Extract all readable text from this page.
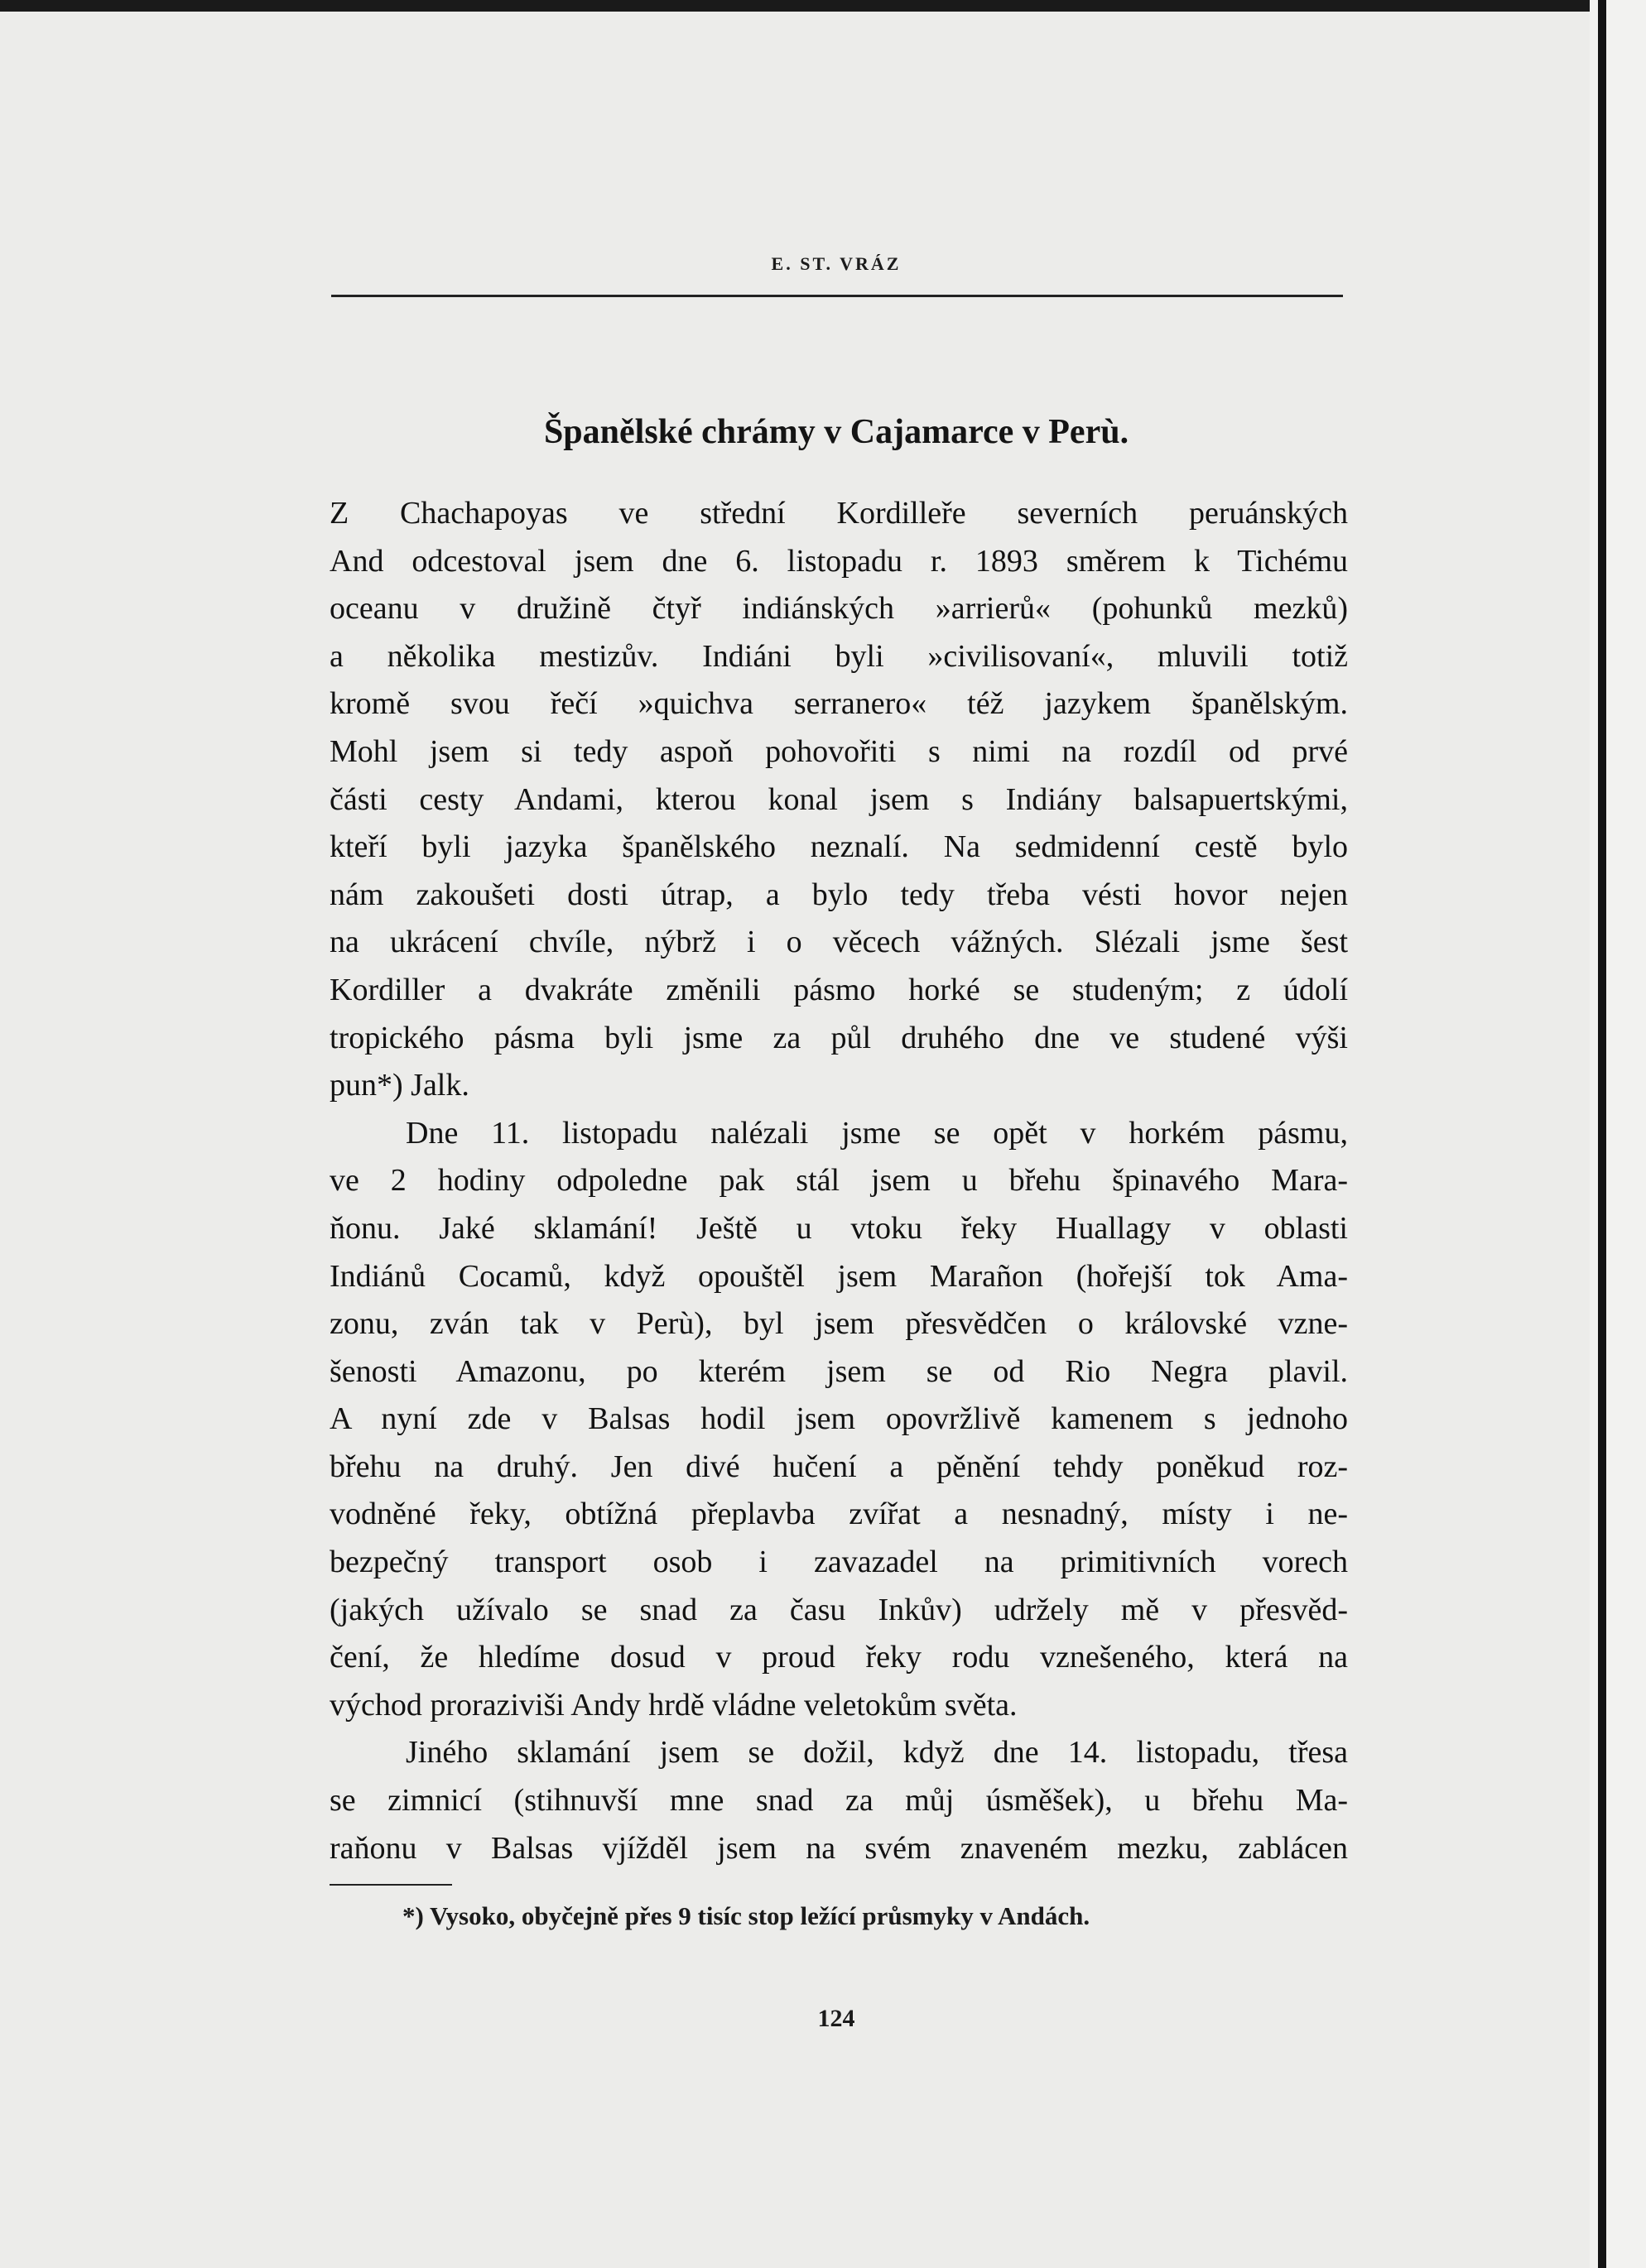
E. ST. VRÁZ
Španělské chrámy v Cajamarce v Perù.
Z Chachapoyas ve střední Kordilleře severních peruánských
And odcestoval jsem dne 6. listopadu r. 1893 směrem k Tichému
oceanu v družině čtyř indiánských »arrierů« (pohunků mezků)
a několika mestizův. Indiáni byli »civilisovaní«, mluvili totiž
kromě svou řečí »quichva serranero« též jazykem španělským.
Mohl jsem si tedy aspoň pohovořiti s nimi na rozdíl od prvé
části cesty Andami, kterou konal jsem s Indiány balsapuertskými,
kteří byli jazyka španělského neznalí. Na sedmidenní cestě bylo
nám zakoušeti dosti útrap, a bylo tedy třeba vésti hovor nejen
na ukrácení chvíle, nýbrž i o věcech vážných. Slézali jsme šest
Kordiller a dvakráte změnili pásmo horké se studeným; z údolí
tropického pásma byli jsme za půl druhého dne ve studené výši
pun*) Jalk.
Dne 11. listopadu nalézali jsme se opět v horkém pásmu,
ve 2 hodiny odpoledne pak stál jsem u břehu špinavého Mara-
ňonu. Jaké sklamání! Ještě u vtoku řeky Huallagy v oblasti
Indiánů Cocamů, když opouštěl jsem Marañon (hořejší tok Ama-
zonu, zván tak v Perù), byl jsem přesvědčen o královské vzne-
šenosti Amazonu, po kterém jsem se od Rio Negra plavil.
A nyní zde v Balsas hodil jsem opovržlivě kamenem s jednoho
břehu na druhý. Jen divé hučení a pěnění tehdy poněkud roz-
vodněné řeky, obtížná přeplavba zvířat a nesnadný, místy i ne-
bezpečný transport osob i zavazadel na primitivních vorech
(jakých užívalo se snad za času Inkův) udržely mě v přesvěd-
čení, že hledíme dosud v proud řeky rodu vznešeného, která na
východ proraziviši Andy hrdě vládne veletokům světa.
Jiného sklamání jsem se dožil, když dne 14. listopadu, třesa
se zimnicí (stihnuvší mne snad za můj úsměšek), u břehu Ma-
raňonu v Balsas vjížděl jsem na svém znaveném mezku, zablácen
*) Vysoko, obyčejně přes 9 tisíc stop ležící průsmyky v Andách.
124
